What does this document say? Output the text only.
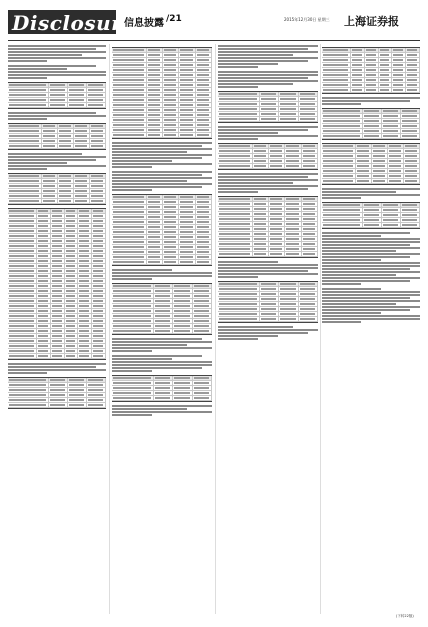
Disclosure
信息披露 /21	2015年12月30日 星期三 上海证券报
(下转22版)
